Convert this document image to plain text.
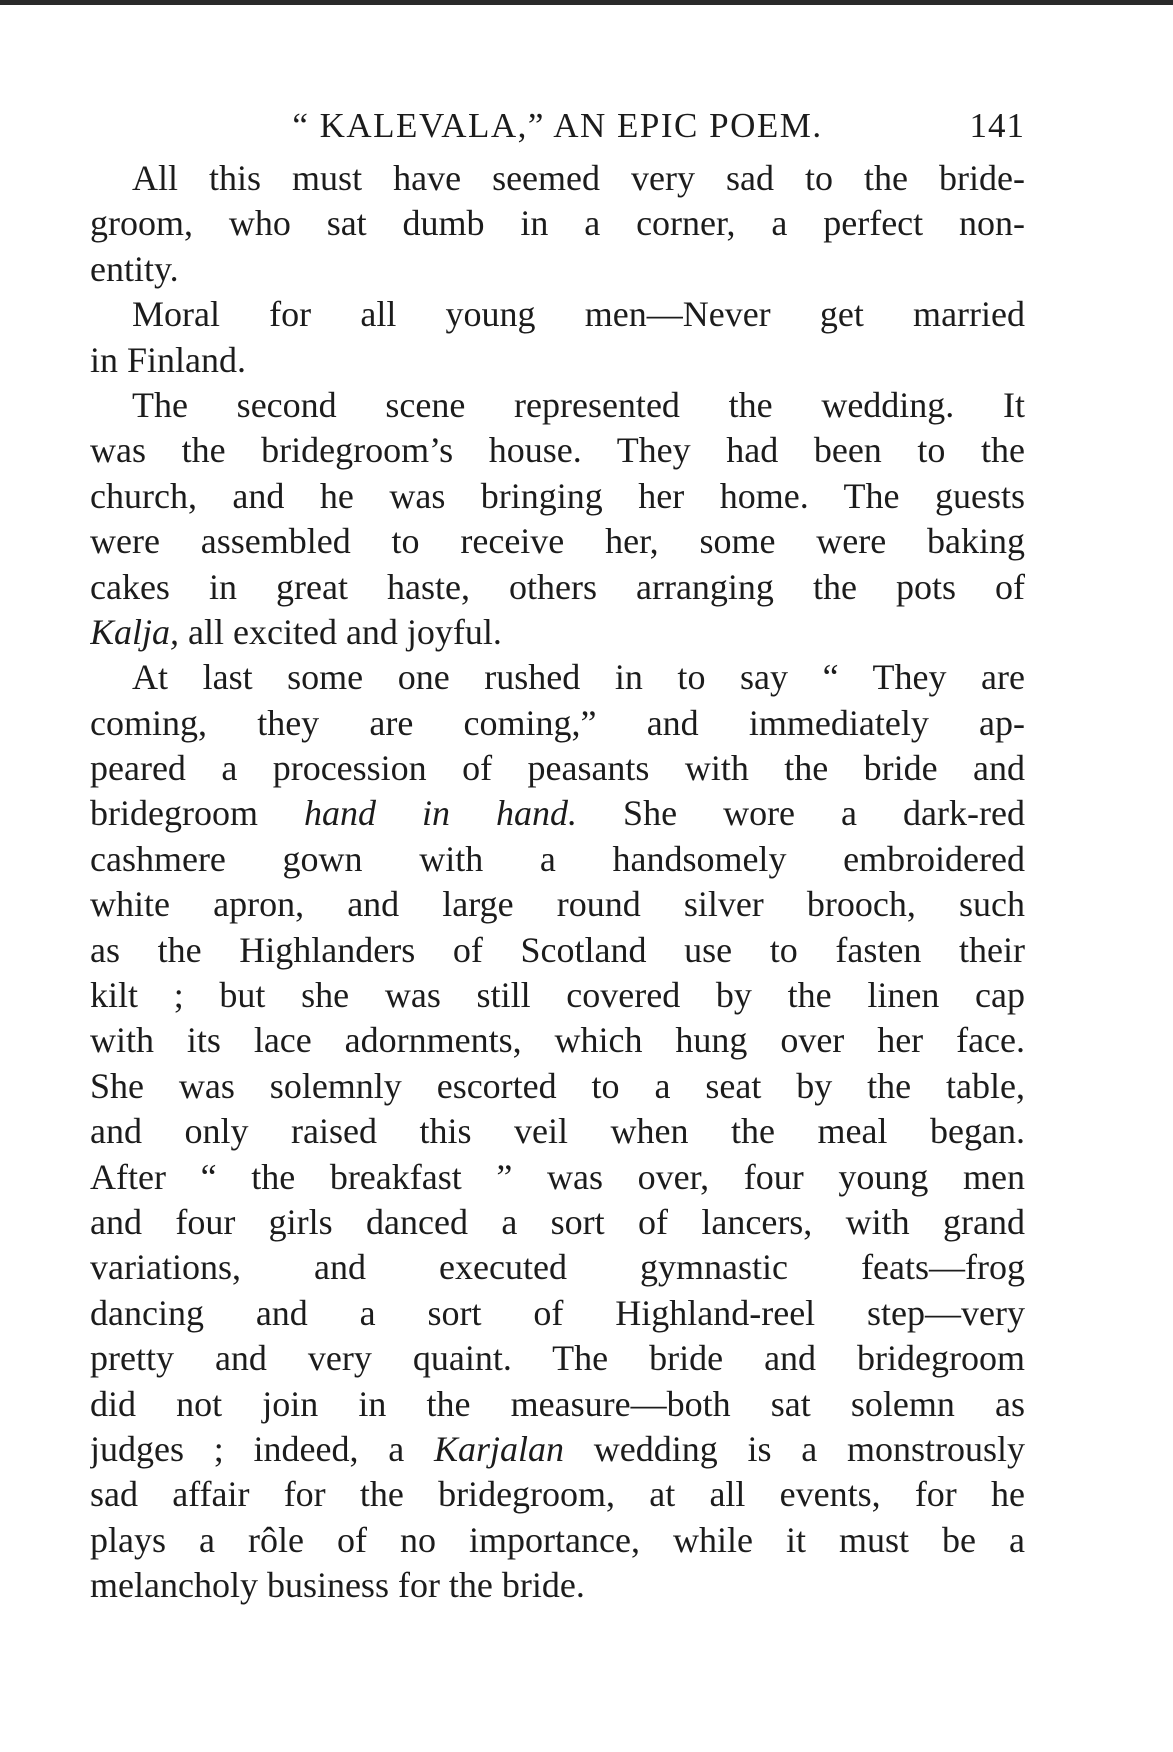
“ KALEVALA,” AN EPIC POEM.	141
All this must have seemed very sad to the bride-
groom, who sat dumb in a corner, a perfect non-
entity.
Moral for all young men—Never get married
in Finland.
The second scene represented the wedding. It
was the bridegroom’s house. They had been to the
church, and he was bringing her home. The guests
were assembled to receive her, some were baking
cakes in great haste, others arranging the pots of
Kalja, all excited and joyful.
At last some one rushed in to say “ They are
coming, they are coming,” and immediately ap-
peared a procession of peasants with the bride and
bridegroom hand in hand. She wore a dark-red
cashmere gown with a handsomely embroidered
white apron, and large round silver brooch, such
as the Highlanders of Scotland use to fasten their
kilt ; but she was still covered by the linen cap
with its lace adornments, which hung over her face.
She was solemnly escorted to a seat by the table,
and only raised this veil when the meal began.
After “ the breakfast ” was over, four young men
and four girls danced a sort of lancers, with grand
variations, and executed gymnastic feats—frog
dancing and a sort of Highland-reel step—very
pretty and very quaint. The bride and bridegroom
did not join in the measure—both sat solemn as
judges ; indeed, a Karjalan wedding is a monstrously
sad affair for the bridegroom, at all events, for he
plays a rôle of no importance, while it must be a
melancholy business for the bride.
